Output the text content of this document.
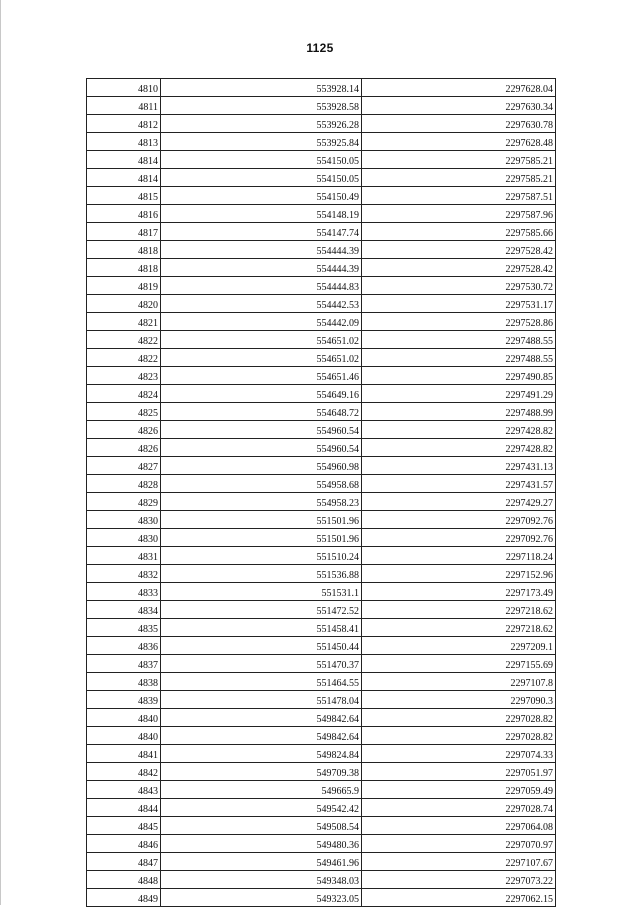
1125
4810	553928.14	2297628.04
4811	553928.58	2297630.34
4812	553926.28	2297630.78
4813	553925.84	2297628.48
4814	554150.05	2297585.21
4814	554150.05	2297585.21
4815	554150.49	2297587.51
4816	554148.19	2297587.96
4817	554147.74	2297585.66
4818	554444.39	2297528.42
4818	554444.39	2297528.42
4819	554444.83	2297530.72
4820	554442.53	2297531.17
4821	554442.09	2297528.86
4822	554651.02	2297488.55
4822	554651.02	2297488.55
4823	554651.46	2297490.85
4824	554649.16	2297491.29
4825	554648.72	2297488.99
4826	554960.54	2297428.82
4826	554960.54	2297428.82
4827	554960.98	2297431.13
4828	554958.68	2297431.57
4829	554958.23	2297429.27
4830	551501.96	2297092.76
4830	551501.96	2297092.76
4831	551510.24	2297118.24
4832	551536.88	2297152.96
4833	551531.1	2297173.49
4834	551472.52	2297218.62
4835	551458.41	2297218.62
4836	551450.44	2297209.1
4837	551470.37	2297155.69
4838	551464.55	2297107.8
4839	551478.04	2297090.3
4840	549842.64	2297028.82
4840	549842.64	2297028.82
4841	549824.84	2297074.33
4842	549709.38	2297051.97
4843	549665.9	2297059.49
4844	549542.42	2297028.74
4845	549508.54	2297064.08
4846	549480.36	2297070.97
4847	549461.96	2297107.67
4848	549348.03	2297073.22
4849	549323.05	2297062.15
